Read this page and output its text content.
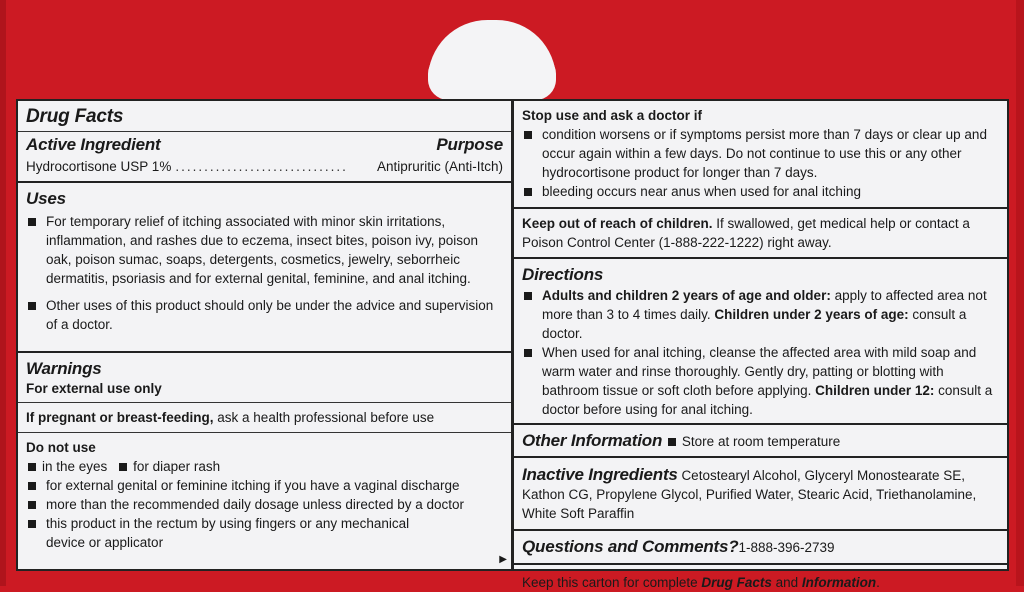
Drug Facts
Active Ingredient	Purpose
Hydrocortisone USP 1% ..............................	Antipruritic (Anti-Itch)
Uses
For temporary relief of itching associated with minor skin irritations, inflammation, and rashes due to eczema, insect bites, poison ivy, poison oak, poison sumac, soaps, detergents, cosmetics, jewelry, seborrheic dermatitis, psoriasis and for external genital, feminine, and anal itching.
Other uses of this product should only be under the advice and supervision of a doctor.
Warnings
For external use only
If pregnant or breast-feeding, ask a health professional before use
Do not use
in the eyes for diaper rash
for external genital or feminine itching if you have a vaginal discharge
more than the recommended daily dosage unless directed by a doctor
this product in the rectum by using fingers or any mechanical device or applicator
▶
Stop use and ask a doctor if
condition worsens or if symptoms persist more than 7 days or clear up and occur again within a few days. Do not continue to use this or any other hydrocortisone product for longer than 7 days.
bleeding occurs near anus when used for anal itching
Keep out of reach of children. If swallowed, get medical help or contact a Poison Control Center (1-888-222-1222) right away.
Directions
Adults and children 2 years of age and older: apply to affected area not more than 3 to 4 times daily. Children under 2 years of age: consult a doctor.
When used for anal itching, cleanse the affected area with mild soap and warm water and rinse thoroughly. Gently dry, patting or blotting with bathroom tissue or soft cloth before applying. Children under 12: consult a doctor before using for anal itching.
Other Information Store at room temperature
Inactive Ingredients Cetostearyl Alcohol, Glyceryl Monostearate SE, Kathon CG, Propylene Glycol, Purified Water, Stearic Acid, Triethanolamine, White Soft Paraffin
Questions and Comments?1-888-396-2739
Keep this carton for complete Drug Facts and Information.
